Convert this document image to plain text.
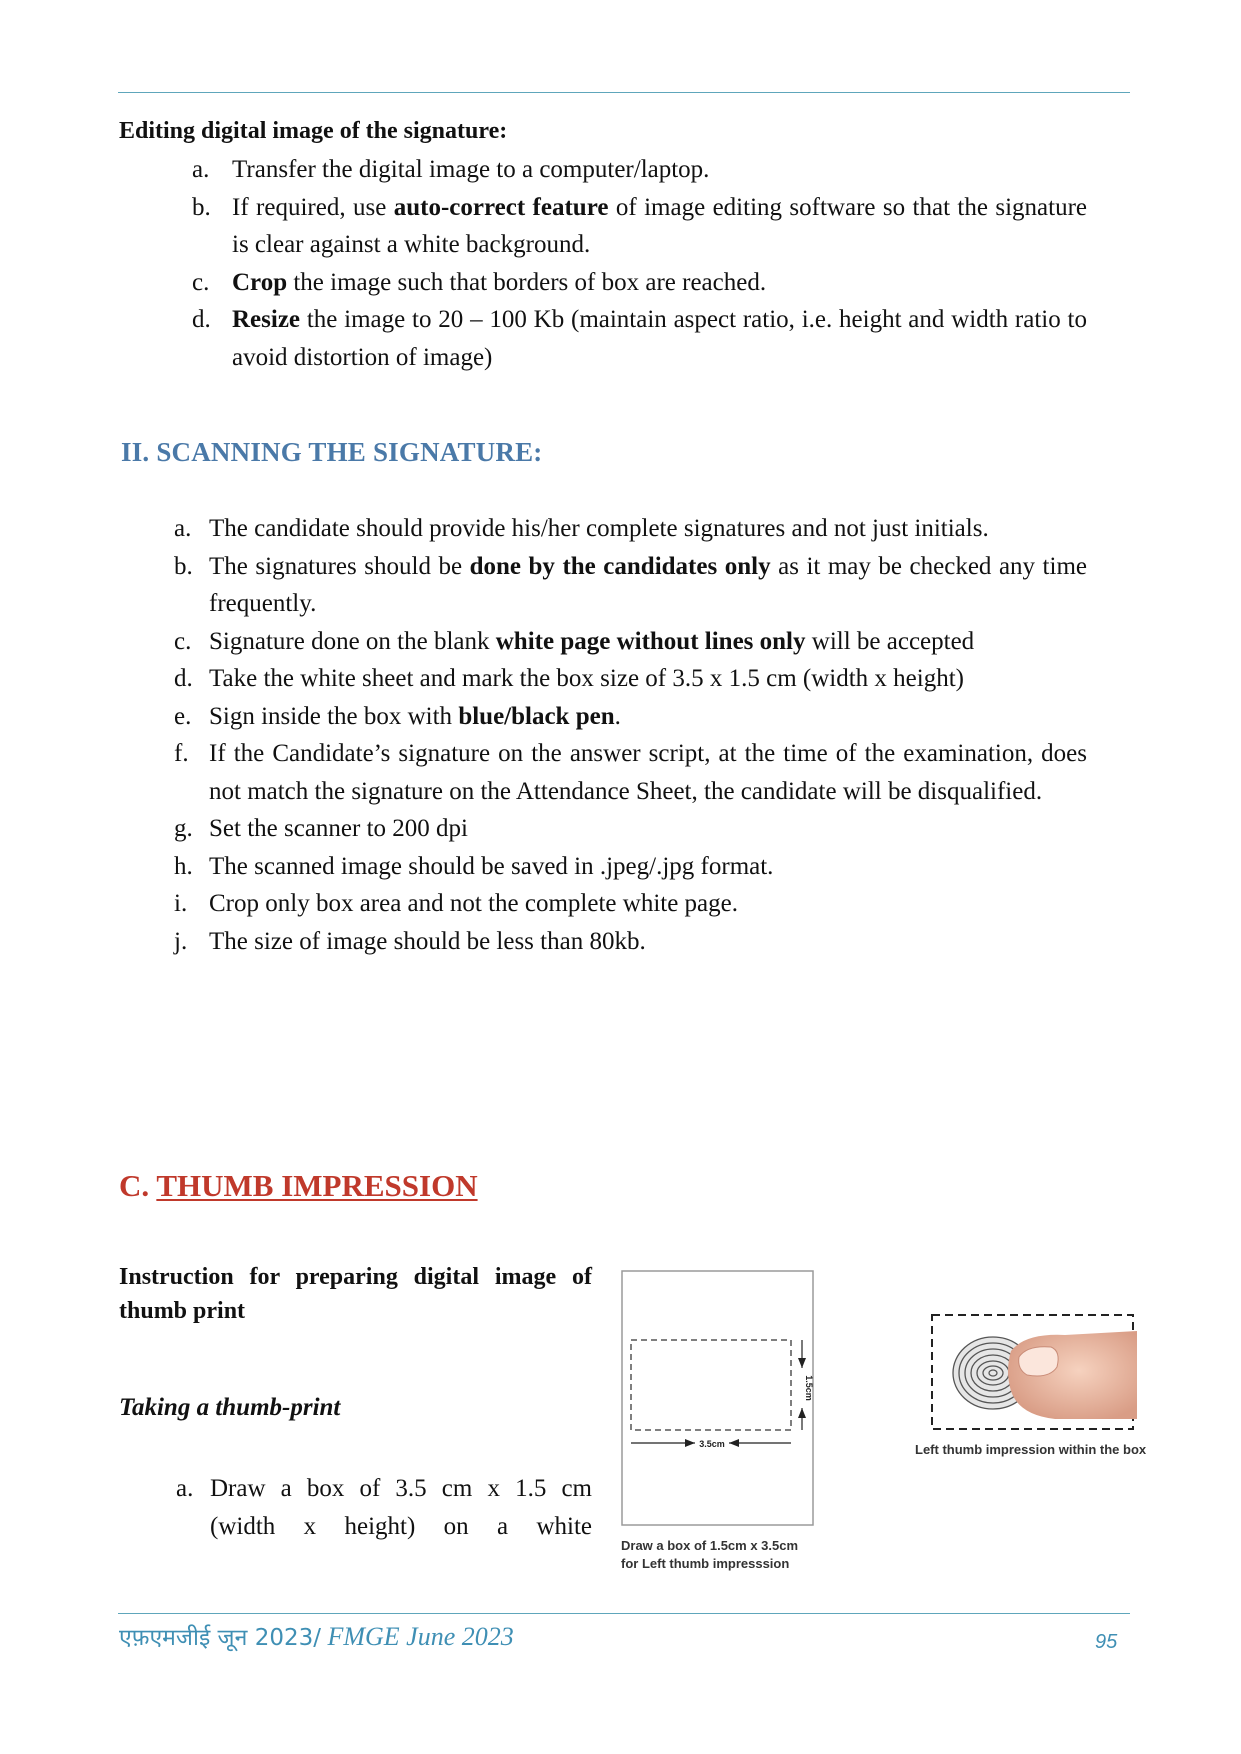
Editing digital image of the signature:
a. Transfer the digital image to a computer/laptop.
b. If required, use auto-correct feature of image editing software so that the signature is clear against a white background.
c. Crop the image such that borders of box are reached.
d. Resize the image to 20 – 100 Kb (maintain aspect ratio, i.e. height and width ratio to avoid distortion of image)
II. SCANNING THE SIGNATURE:
a. The candidate should provide his/her complete signatures and not just initials.
b. The signatures should be done by the candidates only as it may be checked any time frequently.
c. Signature done on the blank white page without lines only will be accepted
d. Take the white sheet and mark the box size of 3.5 x 1.5 cm (width x height)
e. Sign inside the box with blue/black pen.
f. If the Candidate’s signature on the answer script, at the time of the examination, does not match the signature on the Attendance Sheet, the candidate will be disqualified.
g. Set the scanner to 200 dpi
h. The scanned image should be saved in .jpeg/.jpg format.
i. Crop only box area and not the complete white page.
j. The size of image should be less than 80kb.
C. THUMB IMPRESSION
Instruction for preparing digital image of thumb print
Taking a thumb-print
a. Draw a box of 3.5 cm x 1.5 cm (width x height) on a white
3.5cm
1.5cm
Draw a box of 1.5cm x 3.5cm
for Left thumb impresssion
Left thumb impression within the box
एफ़एमजीई जून 2023/ FMGE June 2023	95
